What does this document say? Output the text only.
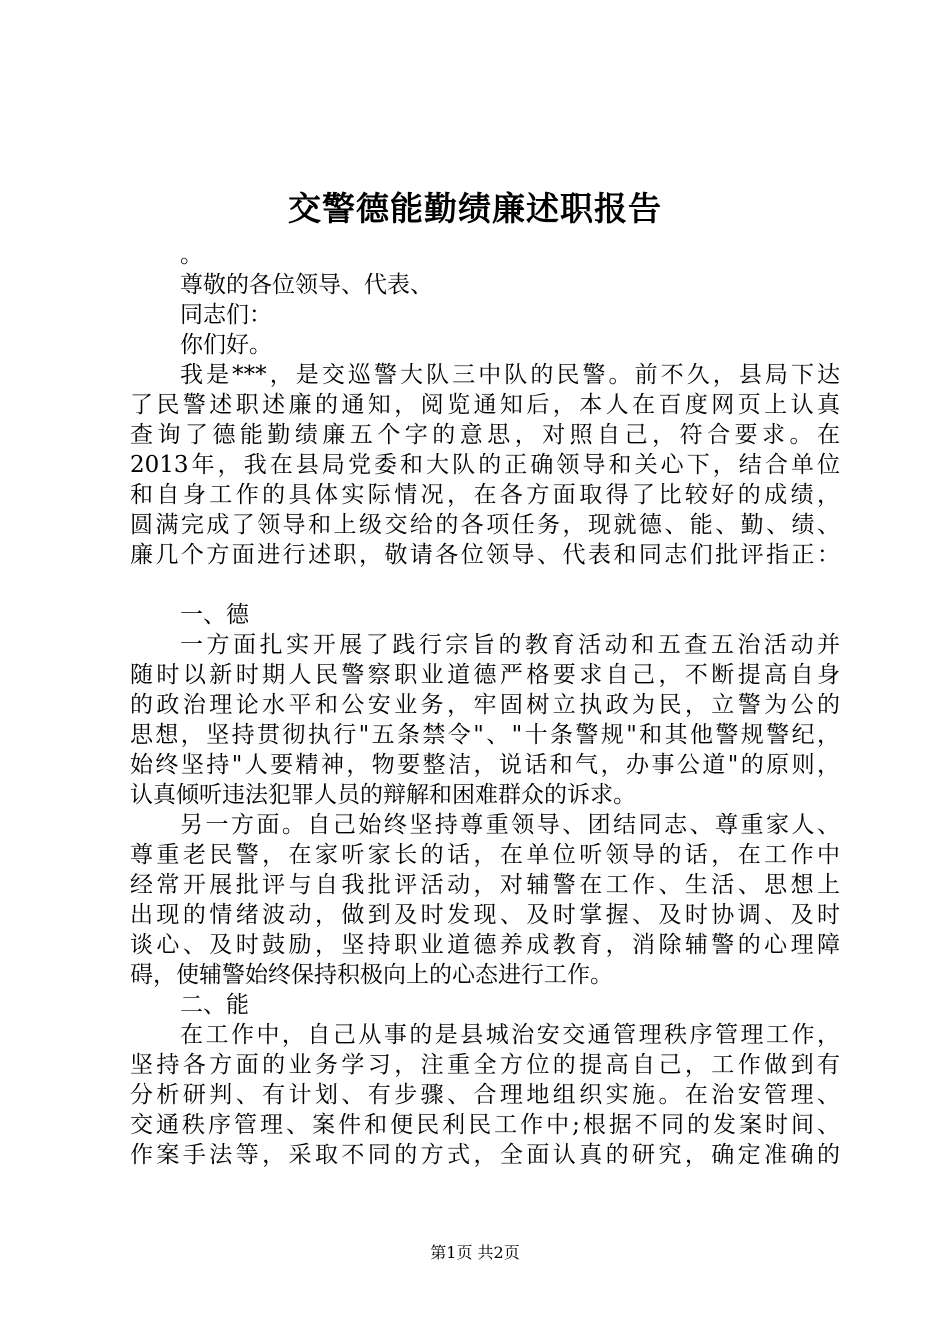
交警德能勤绩廉述职报告
。
尊敬的各位领导、代表、
同志们：
你们好。
我是***，是交巡警大队三中队的民警。前不久，县局下达
了民警述职述廉的通知，阅览通知后，本人在百度网页上认真
查询了德能勤绩廉五个字的意思，对照自己，符合要求。在
2013年，我在县局党委和大队的正确领导和关心下，结合单位
和自身工作的具体实际情况，在各方面取得了比较好的成绩，
圆满完成了领导和上级交给的各项任务，现就德、能、勤、绩、
廉几个方面进行述职，敬请各位领导、代表和同志们批评指正：
一、德
一方面扎实开展了践行宗旨的教育活动和五查五治活动并
随时以新时期人民警察职业道德严格要求自己，不断提高自身
的政治理论水平和公安业务，牢固树立执政为民，立警为公的
思想，坚持贯彻执行"五条禁令"、"十条警规"和其他警规警纪，
始终坚持"人要精神，物要整洁，说话和气，办事公道"的原则，
认真倾听违法犯罪人员的辩解和困难群众的诉求。
另一方面。自己始终坚持尊重领导、团结同志、尊重家人、
尊重老民警，在家听家长的话，在单位听领导的话，在工作中
经常开展批评与自我批评活动，对辅警在工作、生活、思想上
出现的情绪波动，做到及时发现、及时掌握、及时协调、及时
谈心、及时鼓励，坚持职业道德养成教育，消除辅警的心理障
碍，使辅警始终保持积极向上的心态进行工作。
二、能
在工作中，自己从事的是县城治安交通管理秩序管理工作，
坚持各方面的业务学习，注重全方位的提高自己，工作做到有
分析研判、有计划、有步骤、合理地组织实施。在治安管理、
交通秩序管理、案件和便民利民工作中;根据不同的发案时间、
作案手法等，采取不同的方式，全面认真的研究，确定准确的
第1页 共2页
